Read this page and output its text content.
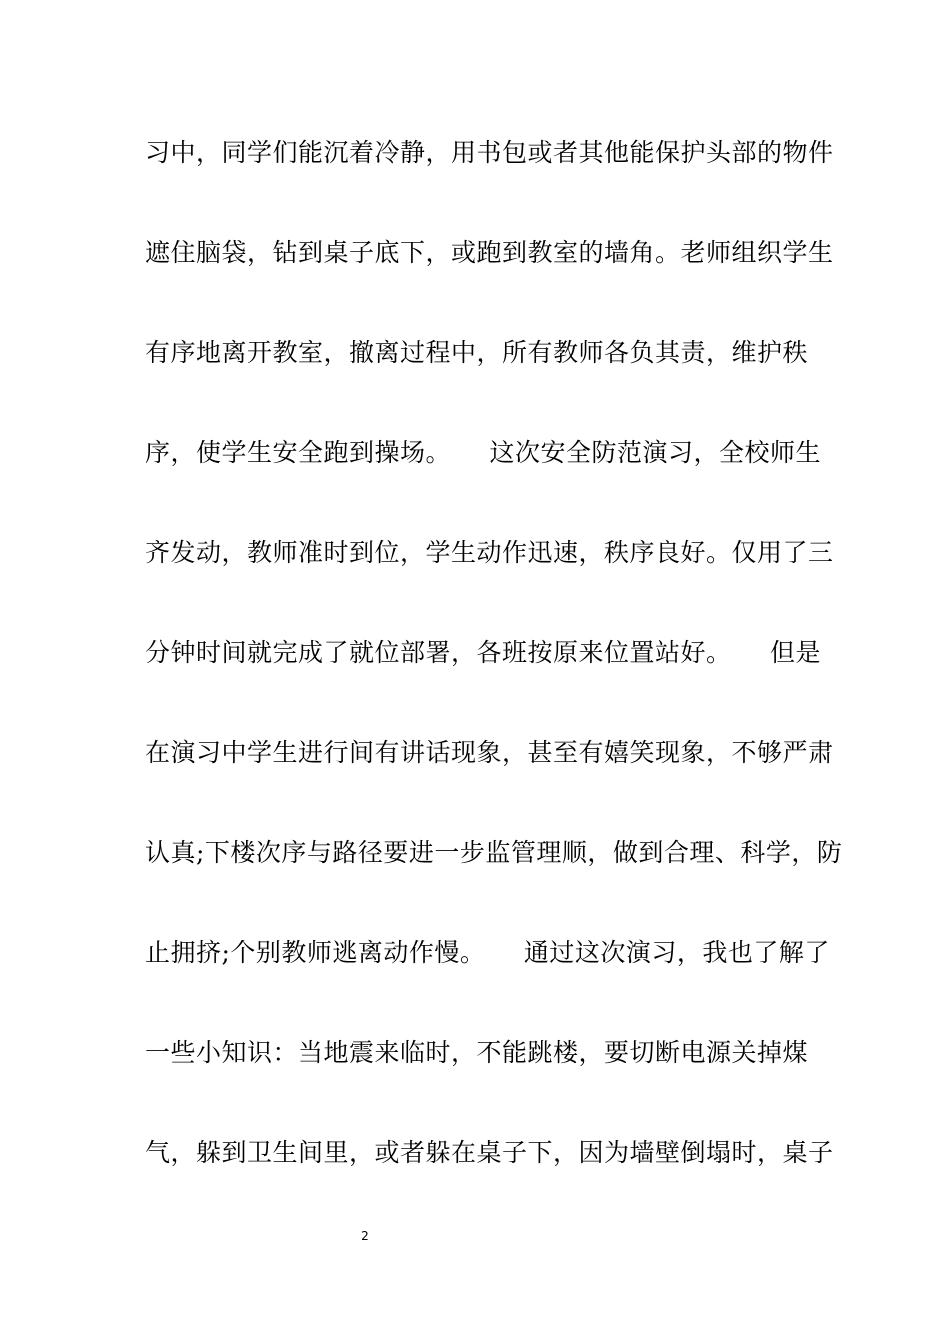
习中，同学们能沉着冷静，用书包或者其他能保护头部的物件
遮住脑袋，钻到桌子底下，或跑到教室的墙角。老师组织学生
有序地离开教室，撤离过程中，所有教师各负其责，维护秩
序，使学生安全跑到操场。　　这次安全防范演习，全校师生
齐发动，教师准时到位，学生动作迅速，秩序良好。仅用了三
分钟时间就完成了就位部署，各班按原来位置站好。　　但是
在演习中学生进行间有讲话现象，甚至有嬉笑现象，不够严肃
认真;下楼次序与路径要进一步监管理顺，做到合理、科学，防
止拥挤;个别教师逃离动作慢。　　通过这次演习，我也了解了
一些小知识：当地震来临时，不能跳楼，要切断电源关掉煤
气，躲到卫生间里，或者躲在桌子下，因为墙壁倒塌时，桌子
2
